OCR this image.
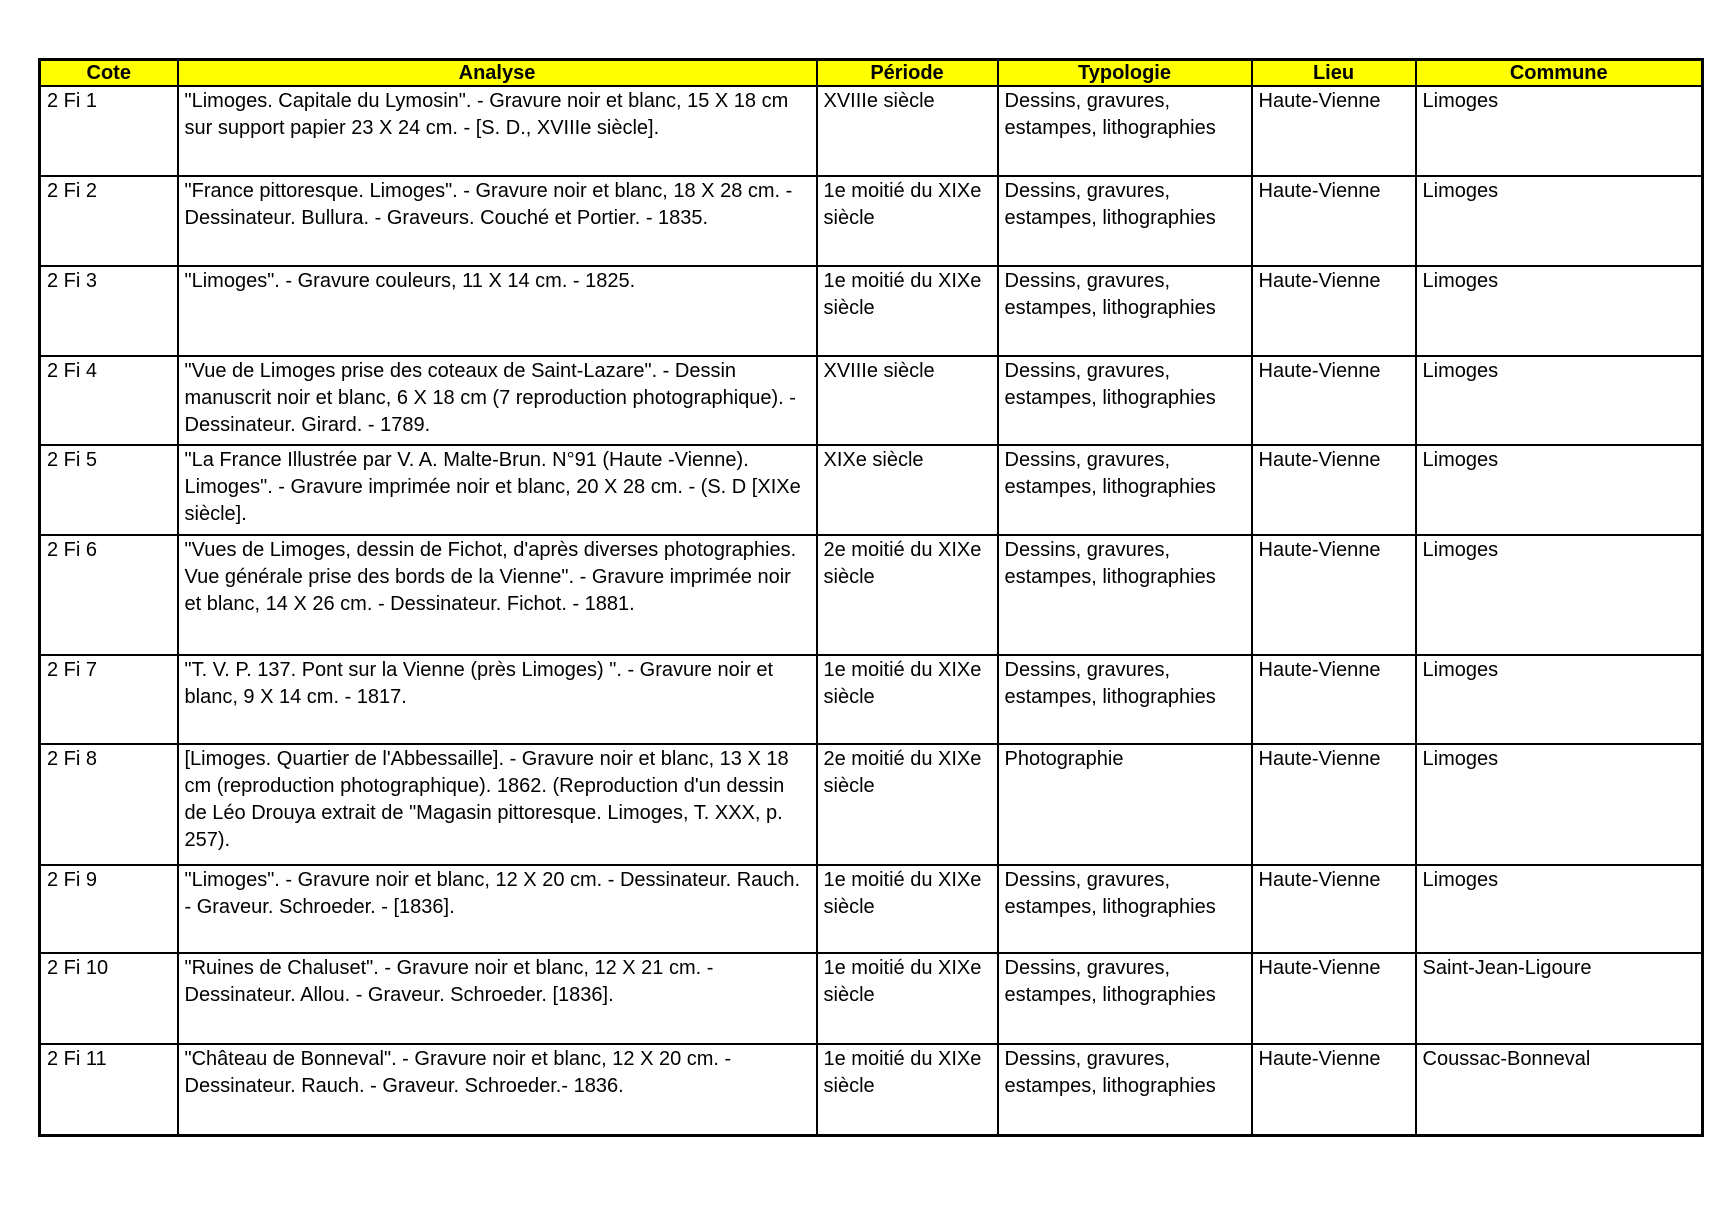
Cote	Analyse	Période	Typologie	Lieu	Commune
2 Fi 1	"Limoges. Capitale du Lymosin". - Gravure noir et blanc, 15 X 18 cm sur support papier 23 X 24 cm. - [S. D., XVIIIe siècle].	XVIIIe siècle	Dessins, gravures, estampes, lithographies	Haute-Vienne	Limoges
2 Fi 2	"France pittoresque. Limoges". - Gravure noir et blanc, 18 X 28 cm. - Dessinateur. Bullura. - Graveurs. Couché et Portier. - 1835.	1e moitié du XIXe siècle	Dessins, gravures, estampes, lithographies	Haute-Vienne	Limoges
2 Fi 3	"Limoges". - Gravure couleurs, 11 X 14 cm. - 1825.	1e moitié du XIXe siècle	Dessins, gravures, estampes, lithographies	Haute-Vienne	Limoges
2 Fi 4	"Vue de Limoges prise des coteaux de Saint-Lazare". - Dessin manuscrit noir et blanc, 6 X 18 cm (7 reproduction photographique). - Dessinateur. Girard. - 1789.	XVIIIe siècle	Dessins, gravures, estampes, lithographies	Haute-Vienne	Limoges
2 Fi 5	"La France Illustrée par V. A. Malte-Brun. N°91 (Haute -Vienne). Limoges". - Gravure imprimée noir et blanc, 20 X 28 cm. - (S. D [XIXe siècle].	XIXe siècle	Dessins, gravures, estampes, lithographies	Haute-Vienne	Limoges
2 Fi 6	"Vues de Limoges, dessin de Fichot, d'après diverses photographies. Vue générale prise des bords de la Vienne". - Gravure imprimée noir et blanc, 14 X 26 cm. - Dessinateur. Fichot. - 1881.	2e moitié du XIXe siècle	Dessins, gravures, estampes, lithographies	Haute-Vienne	Limoges
2 Fi 7	"T. V. P. 137. Pont sur la Vienne (près Limoges) ". - Gravure noir et blanc, 9 X 14 cm. - 1817.	1e moitié du XIXe siècle	Dessins, gravures, estampes, lithographies	Haute-Vienne	Limoges
2 Fi 8	[Limoges. Quartier de l'Abbessaille]. - Gravure noir et blanc, 13 X 18 cm (reproduction photographique). 1862. (Reproduction d'un dessin de Léo Drouya extrait de "Magasin pittoresque. Limoges, T. XXX, p. 257).	2e moitié du XIXe siècle	Photographie	Haute-Vienne	Limoges
2 Fi 9	"Limoges". - Gravure noir et blanc, 12 X 20 cm. - Dessinateur. Rauch. - Graveur. Schroeder. - [1836].	1e moitié du XIXe siècle	Dessins, gravures, estampes, lithographies	Haute-Vienne	Limoges
2 Fi 10	"Ruines de Chaluset". - Gravure noir et blanc, 12 X 21 cm. - Dessinateur. Allou. - Graveur. Schroeder. [1836].	1e moitié du XIXe siècle	Dessins, gravures, estampes, lithographies	Haute-Vienne	Saint-Jean-Ligoure
2 Fi 11	"Château de Bonneval". - Gravure noir et blanc, 12 X 20 cm. - Dessinateur. Rauch. - Graveur. Schroeder.- 1836.	1e moitié du XIXe siècle	Dessins, gravures, estampes, lithographies	Haute-Vienne	Coussac-Bonneval
